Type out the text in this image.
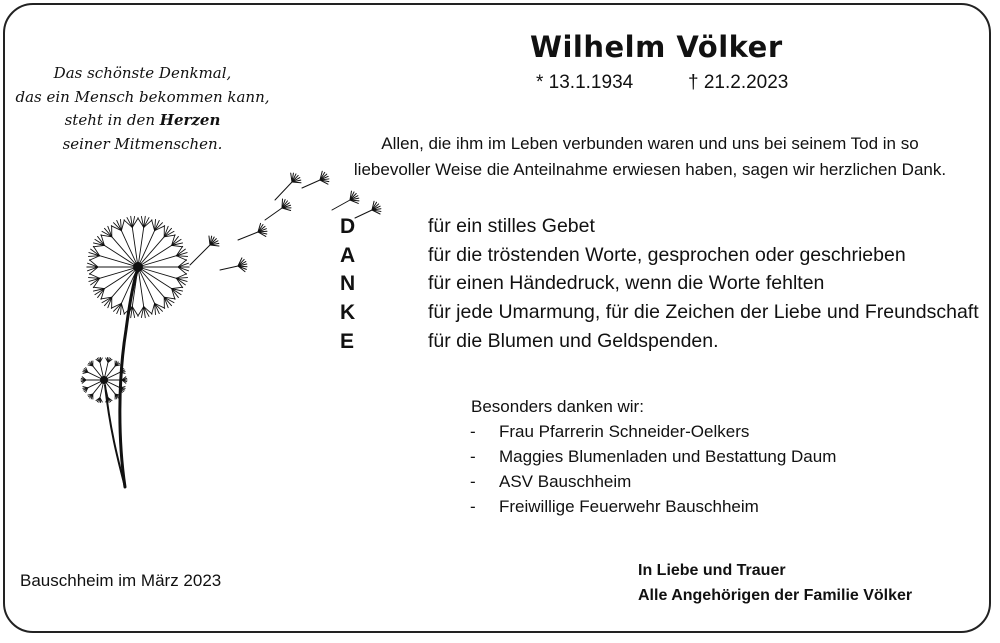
Das schönste Denkmal,
das ein Mensch bekommen kann,
steht in den Herzen
seiner Mitmenschen.
Wilhelm Völker
* 13.1.1934	† 21.2.2023
Allen, die ihm im Leben verbunden waren und uns bei seinem Tod in so
liebevoller Weise die Anteilnahme erwiesen haben, sagen wir herzlichen Dank.
D	für ein stilles Gebet
A	für die tröstenden Worte, gesprochen oder geschrieben
N	für einen Händedruck, wenn die Worte fehlten
K	für jede Umarmung, für die Zeichen der Liebe und Freundschaft
E	für die Blumen und Geldspenden.
Besonders danken wir:
- Frau Pfarrerin Schneider-Oelkers
- Maggies Blumenladen und Bestattung Daum
- ASV Bauschheim
- Freiwillige Feuerwehr Bauschheim
Bauschheim im März 2023
In Liebe und Trauer
Alle Angehörigen der Familie Völker
